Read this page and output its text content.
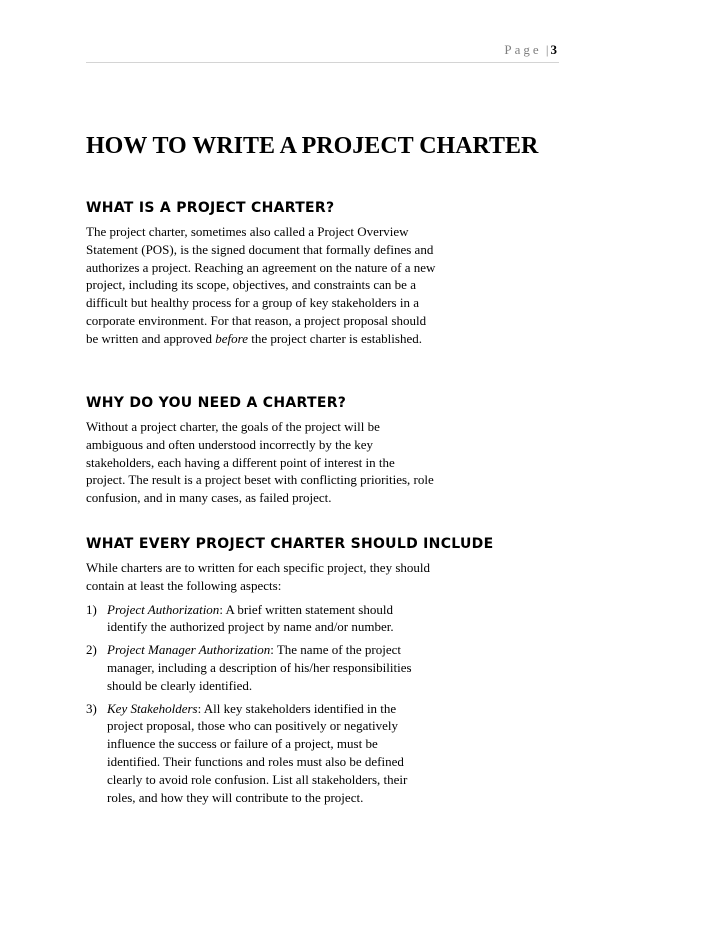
Page | 3
HOW TO WRITE A PROJECT CHARTER
WHAT IS A PROJECT CHARTER?

The project charter, sometimes also called a Project Overview Statement (POS), is the signed document that formally defines and authorizes a project. Reaching an agreement on the nature of a new project, including its scope, objectives, and constraints can be a difficult but healthy process for a group of key stakeholders in a corporate environment. For that reason, a project proposal should be written and approved before the project charter is established.

WHY DO YOU NEED A CHARTER?

Without a project charter, the goals of the project will be ambiguous and often understood incorrectly by the key stakeholders, each having a different point of interest in the project. The result is a project beset with conflicting priorities, role confusion, and in many cases, as failed project.

WHAT EVERY PROJECT CHARTER SHOULD INCLUDE

While charters are to written for each specific project, they should contain at least the following aspects:

1) Project Authorization: A brief written statement should identify the authorized project by name and/or number.
2) Project Manager Authorization: The name of the project manager, including a description of his/her responsibilities should be clearly identified.
3) Key Stakeholders: All key stakeholders identified in the project proposal, those who can positively or negatively influence the success or failure of a project, must be identified. Their functions and roles must also be defined clearly to avoid role confusion. List all stakeholders, their roles, and how they will contribute to the project.
